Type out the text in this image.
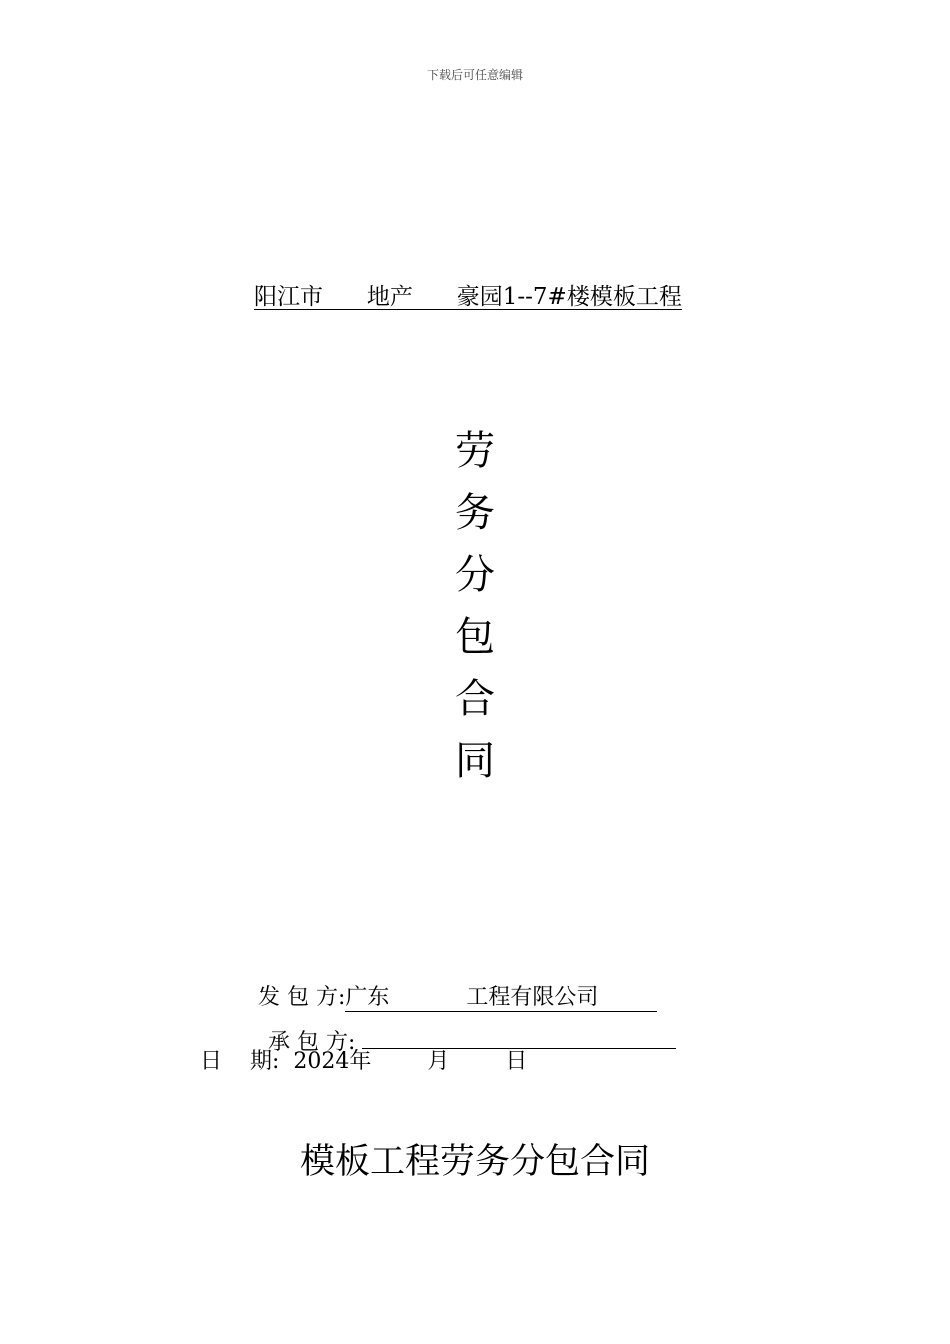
下载后可任意编辑
阳江市      地产      豪园1--7#楼模板工程
劳
务
分
包
合
同

发 包 方:广东           工程有限公司

承 包 方:

日    期: 2024年	月	日
模板工程劳务分包合同
